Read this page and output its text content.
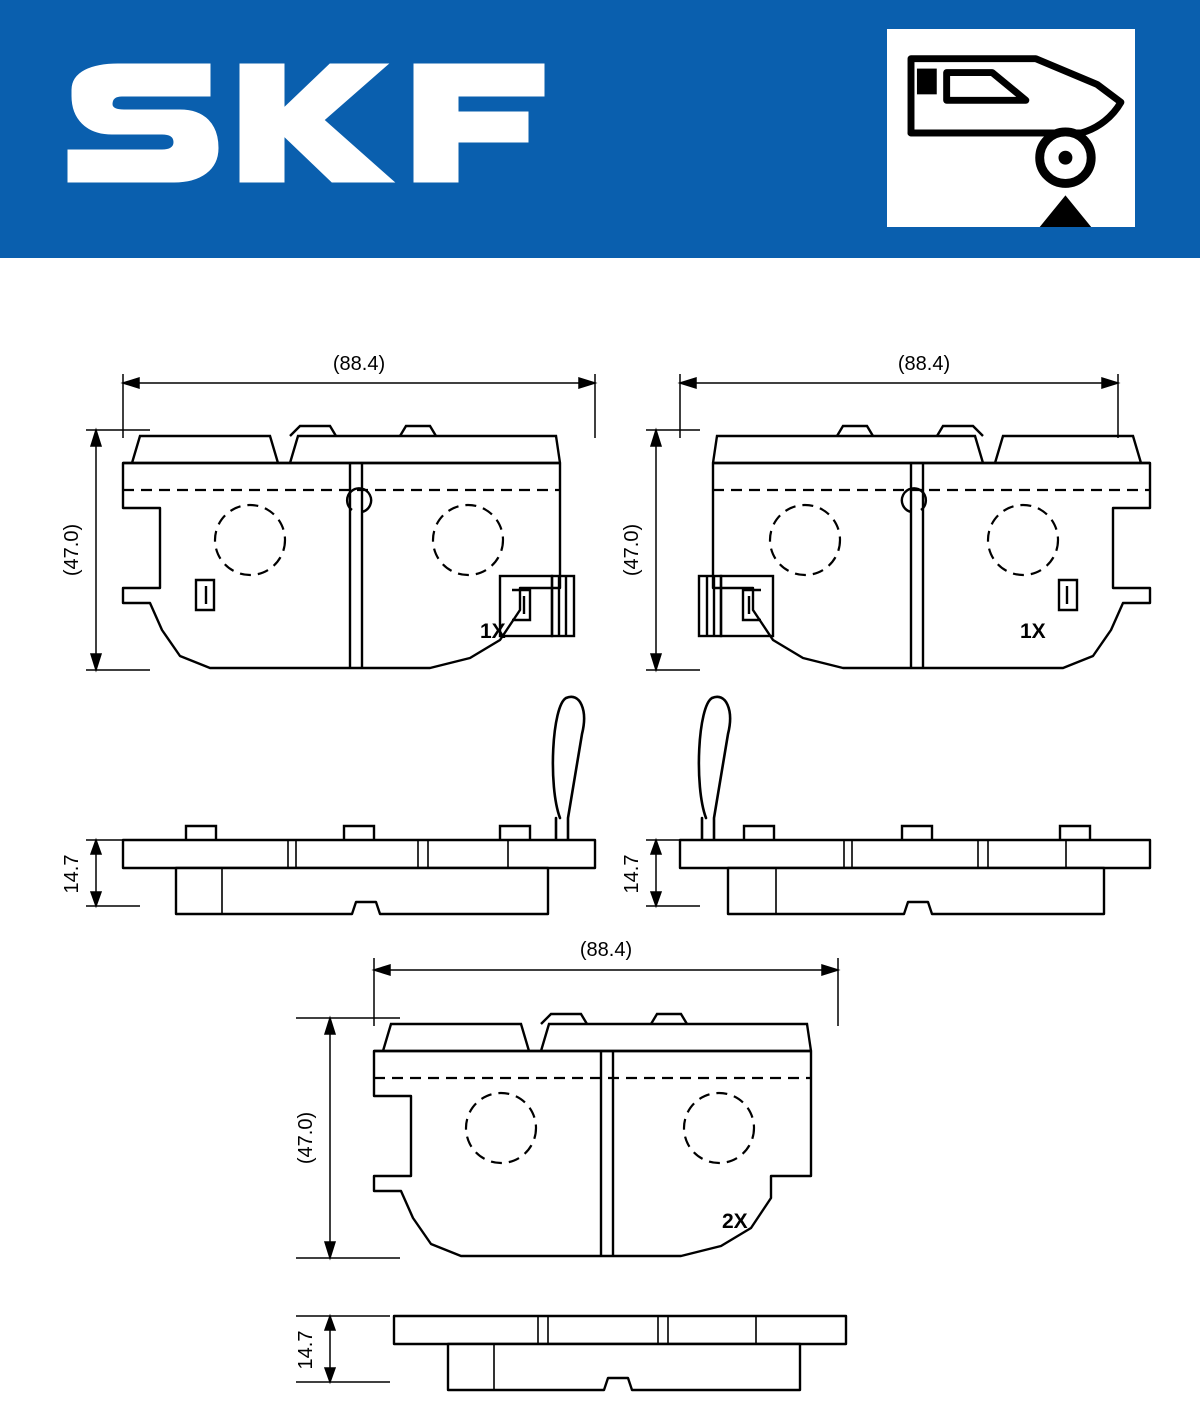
(88.4)
(47.0)
1X
(88.4)
(47.0)
1X
14.7	14.7
(88.4)
(47.0)
2X
14.7
